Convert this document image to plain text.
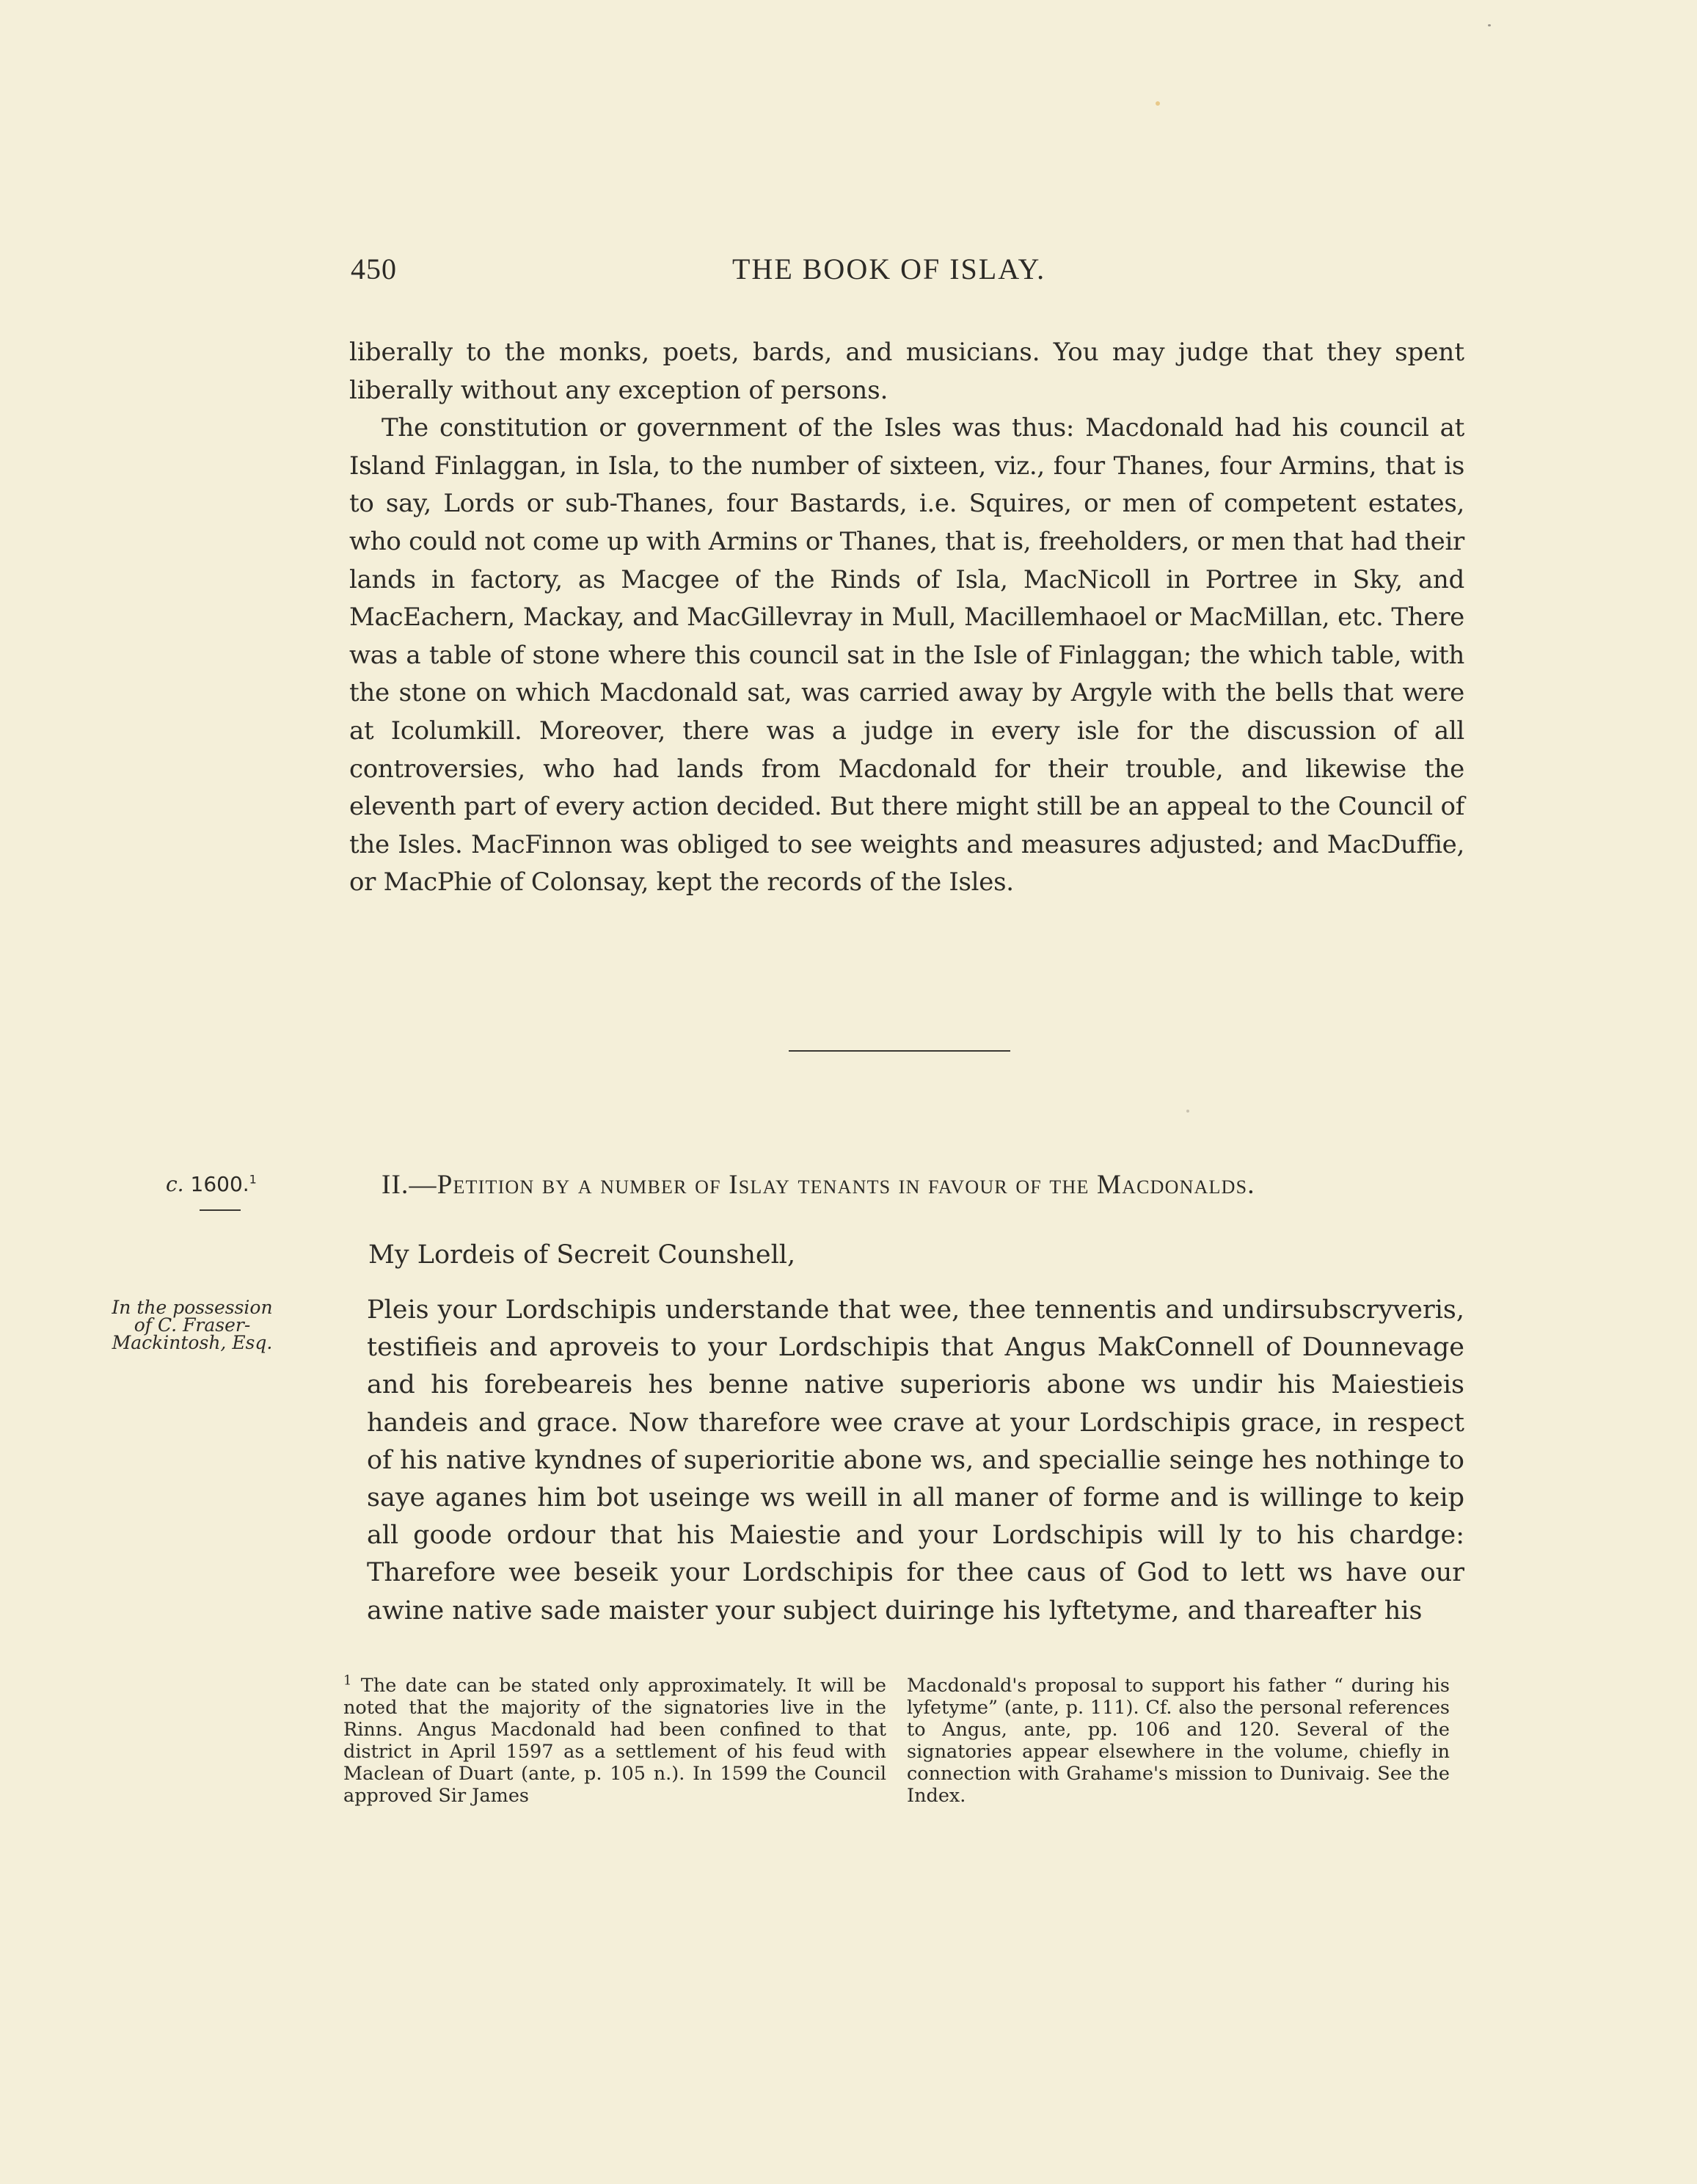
450	THE BOOK OF ISLAY.

liberally to the monks, poets, bards, and musicians. You may judge that they spent liberally without any exception of persons.

The constitution or government of the Isles was thus: Macdonald had his council at Island Finlaggan, in Isla, to the number of sixteen, viz., four Thanes, four Armins, that is to say, Lords or sub-Thanes, four Bastards, i.e. Squires, or men of competent estates, who could not come up with Armins or Thanes, that is, freeholders, or men that had their lands in factory, as Macgee of the Rinds of Isla, MacNicoll in Portree in Sky, and MacEachern, Mackay, and MacGillevray in Mull, Macillemhaoel or MacMillan, etc. There was a table of stone where this council sat in the Isle of Finlaggan; the which table, with the stone on which Macdonald sat, was carried away by Argyle with the bells that were at Icolumkill. Moreover, there was a judge in every isle for the discussion of all controversies, who had lands from Macdonald for their trouble, and likewise the eleventh part of every action decided. But there might still be an appeal to the Council of the Isles. MacFinnon was obliged to see weights and measures adjusted; and MacDuffie, or MacPhie of Colonsay, kept the records of the Isles.

c. 1600.$^1$
In the possession
of C. Fraser-
Mackintosh, Esq.
II.—Petition by a number of Islay tenants in favour of the Macdonalds.
My Lordeis of Secreit Counshell,

Pleis your Lordschipis understande that wee, thee tennentis and undirsubscryveris, testifieis and aproveis to your Lordschipis that Angus MakConnell of Dounnevage and his forebeareis hes benne native superioris abone ws undir his Maiestieis handeis and grace. Now tharefore wee crave at your Lordschipis grace, in respect of his native kyndnes of superioritie abone ws, and speciallie seinge hes nothinge to saye aganes him bot useinge ws weill in all maner of forme and is willinge to keip all goode ordour that his Maiestie and your Lordschipis will ly to his chardge: Tharefore wee beseik your Lordschipis for thee caus of God to lett ws have our awine native sade maister your subject duiringe his lyftetyme, and thareafter his

$^1$ The date can be stated only approximately. It will be noted that the majority of the signatories live in the Rinns. Angus Macdonald had been confined to that district in April 1597 as a settlement of his feud with Maclean of Duart (ante, p. 105 n.). In 1599 the Council approved Sir James

Macdonald's proposal to support his father “ during his lyfetyme” (ante, p. 111). Cf. also the personal references to Angus, ante, pp. 106 and 120. Several of the signatories appear elsewhere in the volume, chiefly in connection with Grahame's mission to Dunivaig. See the Index.
